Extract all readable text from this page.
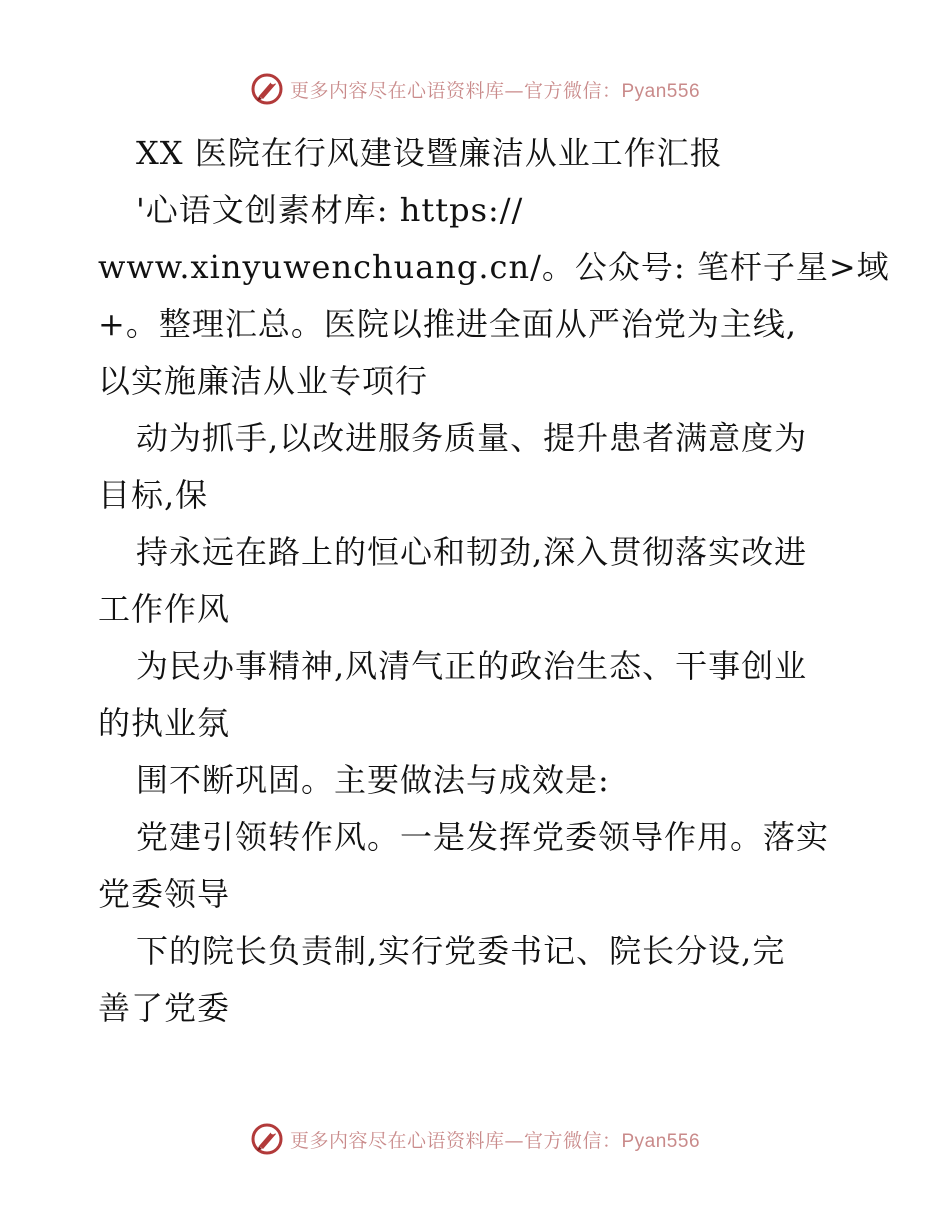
更多内容尽在心语资料库—官方微信：Pyan556
XX 医院在行风建设暨廉洁从业工作汇报
'心语文创素材库: https://
www.xinyuwenchuang.cn/。公众号: 笔杆子星>域
+。整理汇总。医院以推进全面从严治党为主线,
以实施廉洁从业专项行
动为抓手,以改进服务质量、提升患者满意度为
目标,保
持永远在路上的恒心和韧劲,深入贯彻落实改进
工作作风
为民办事精神,风清气正的政治生态、干事创业
的执业氛
围不断巩固。主要做法与成效是:
党建引领转作风。一是发挥党委领导作用。落实
党委领导
下的院长负责制,实行党委书记、院长分设,完
善了党委
更多内容尽在心语资料库—官方微信：Pyan556
